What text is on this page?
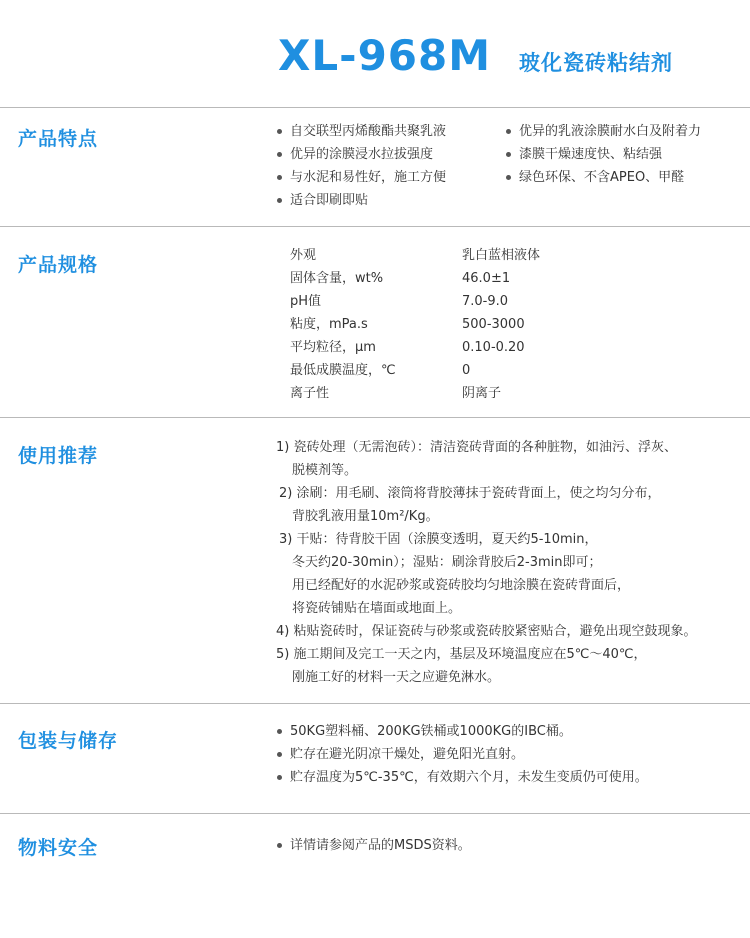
XL-968M 玻化瓷砖粘结剂
产品特点	自交联型丙烯酸酯共聚乳液
优异的涂膜浸水拉拔强度
与水泥和易性好，施工方便
适合即刷即贴
优异的乳液涂膜耐水白及附着力
漆膜干燥速度快、粘结强
绿色环保、不含APEO、甲醛
产品规格	外观	乳白蓝相液体
固体含量，wt%	46.0±1
pH值	7.0-9.0
粘度，mPa.s	500-3000
平均粒径，μm	0.10-0.20
最低成膜温度，℃	0
离子性	阴离子
使用推荐	1) 瓷砖处理（无需泡砖）：清洁瓷砖背面的各种脏物，如油污、浮灰、
脱模剂等。
2) 涂刷：用毛刷、滚筒将背胶薄抹于瓷砖背面上，使之均匀分布，
背胶乳液用量10m²/Kg。
3) 干贴：待背胶干固（涂膜变透明，夏天约5-10min，
冬天约20-30min）；湿贴：刷涂背胶后2-3min即可；
用已经配好的水泥砂浆或瓷砖胶均匀地涂膜在瓷砖背面后，
将瓷砖铺贴在墙面或地面上。
4) 粘贴瓷砖时，保证瓷砖与砂浆或瓷砖胶紧密贴合，避免出现空鼓现象。
5) 施工期间及完工一天之内，基层及环境温度应在5℃～40℃，
刚施工好的材料一天之应避免淋水。
包装与储存	50KG塑料桶、200KG铁桶或1000KG的IBC桶。
贮存在避光阴凉干燥处，避免阳光直射。
贮存温度为5℃-35℃，有效期六个月，未发生变质仍可使用。
物料安全	详情请参阅产品的MSDS资料。
